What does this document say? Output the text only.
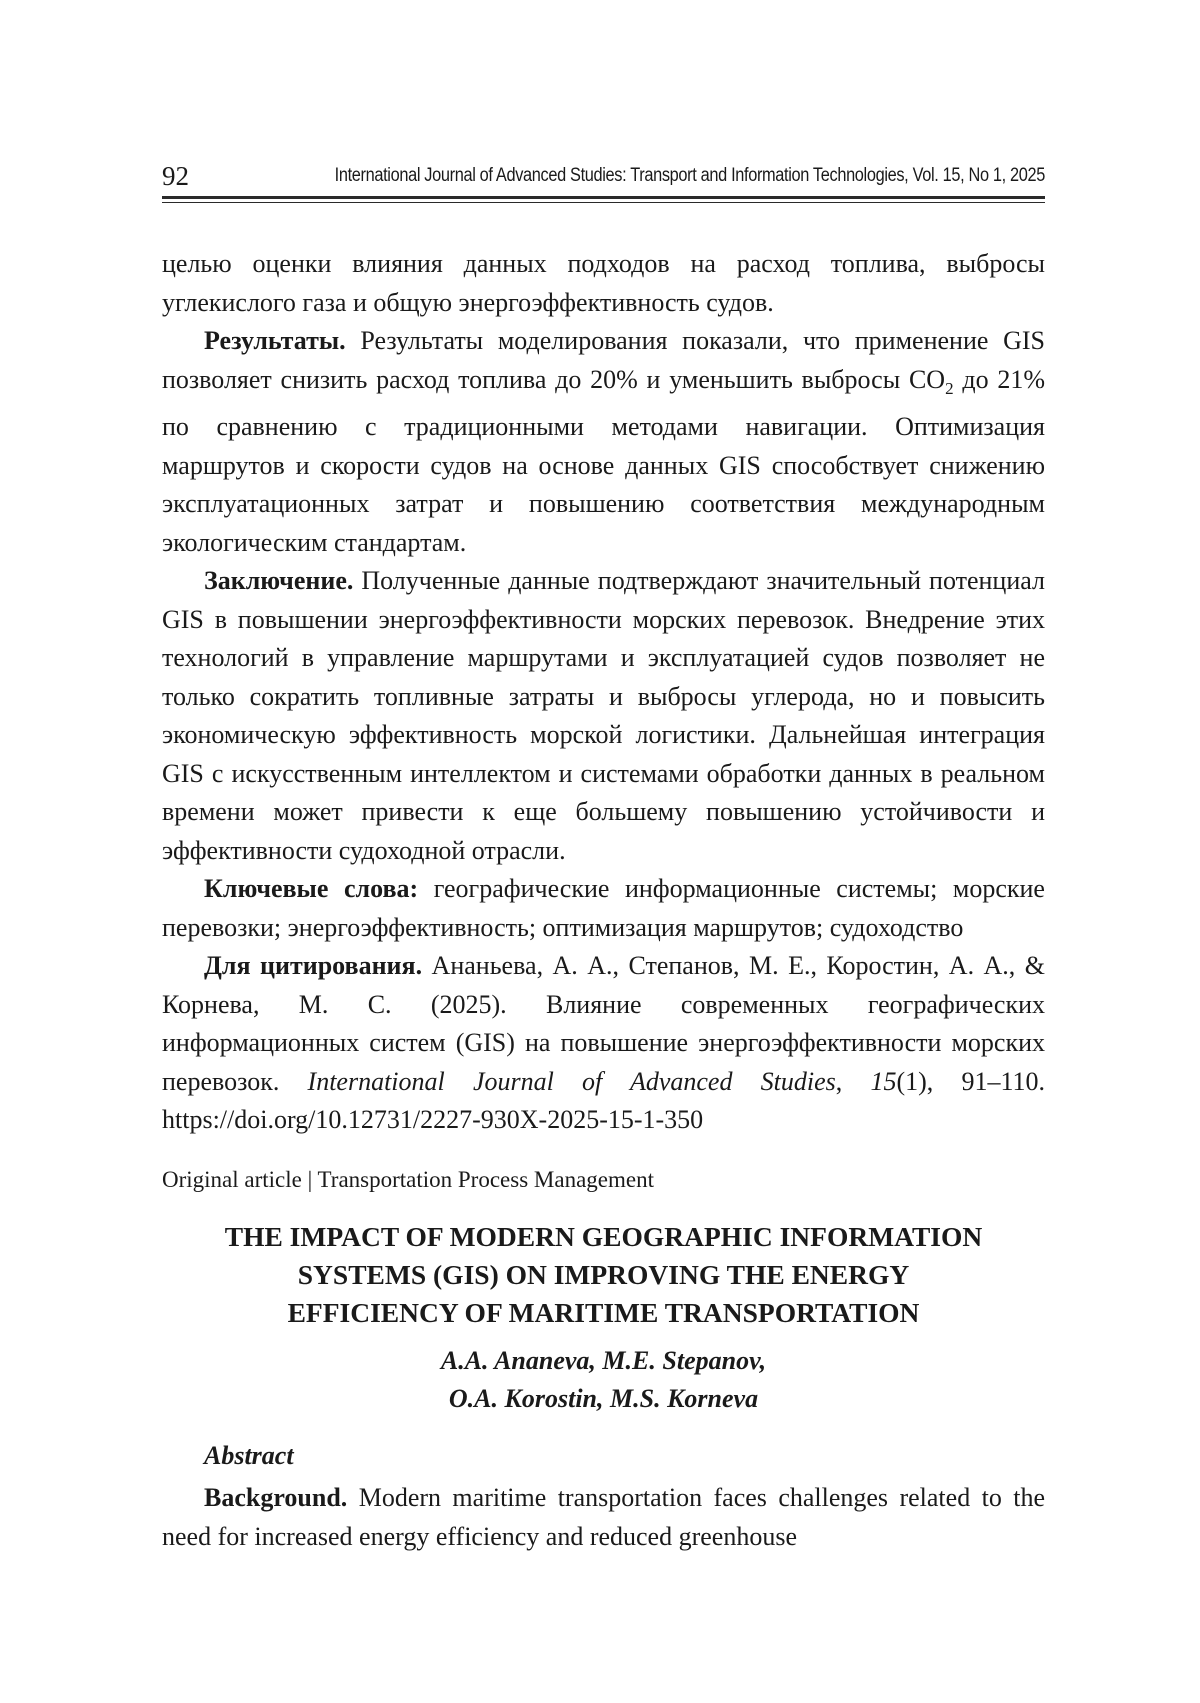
92	International Journal of Advanced Studies: Transport and Information Technologies, Vol. 15, No 1, 2025

целью оценки влияния данных подходов на расход топлива, выбросы углекислого газа и общую энергоэффективность судов.

Результаты. Результаты моделирования показали, что применение GIS позволяет снизить расход топлива до 20% и уменьшить выбросы $CO_2$ до 21% по сравнению с традиционными методами навигации. Оптимизация маршрутов и скорости судов на основе данных GIS способствует снижению эксплуатационных затрат и повышению соответствия международным экологическим стандартам.

Заключение. Полученные данные подтверждают значительный потенциал GIS в повышении энергоэффективности морских перевозок. Внедрение этих технологий в управление маршрутами и эксплуатацией судов позволяет не только сократить топливные затраты и выбросы углерода, но и повысить экономическую эффективность морской логистики. Дальнейшая интеграция GIS с искусственным интеллектом и системами обработки данных в реальном времени может привести к еще большему повышению устойчивости и эффективности судоходной отрасли.

Ключевые слова: географические информационные системы; морские перевозки; энергоэффективность; оптимизация маршрутов; судоходство

Для цитирования. Ананьева, А. А., Степанов, М. Е., Коростин, А. А., & Корнева, М. С. (2025). Влияние современных географических информационных систем (GIS) на повышение энергоэффективности морских перевозок. International Journal of Advanced Studies, 15(1), 91–110. https://doi.org/10.12731/2227-930X-2025-15-1-350

Original article | Transportation Process Management
THE IMPACT OF MODERN GEOGRAPHIC INFORMATION
SYSTEMS (GIS) ON IMPROVING THE ENERGY
EFFICIENCY OF MARITIME TRANSPORTATION
A.A. Ananeva, M.E. Stepanov,
O.A. Korostin, M.S. Korneva
Abstract

Background. Modern maritime transportation faces challenges related to the need for increased energy efficiency and reduced greenhouse
